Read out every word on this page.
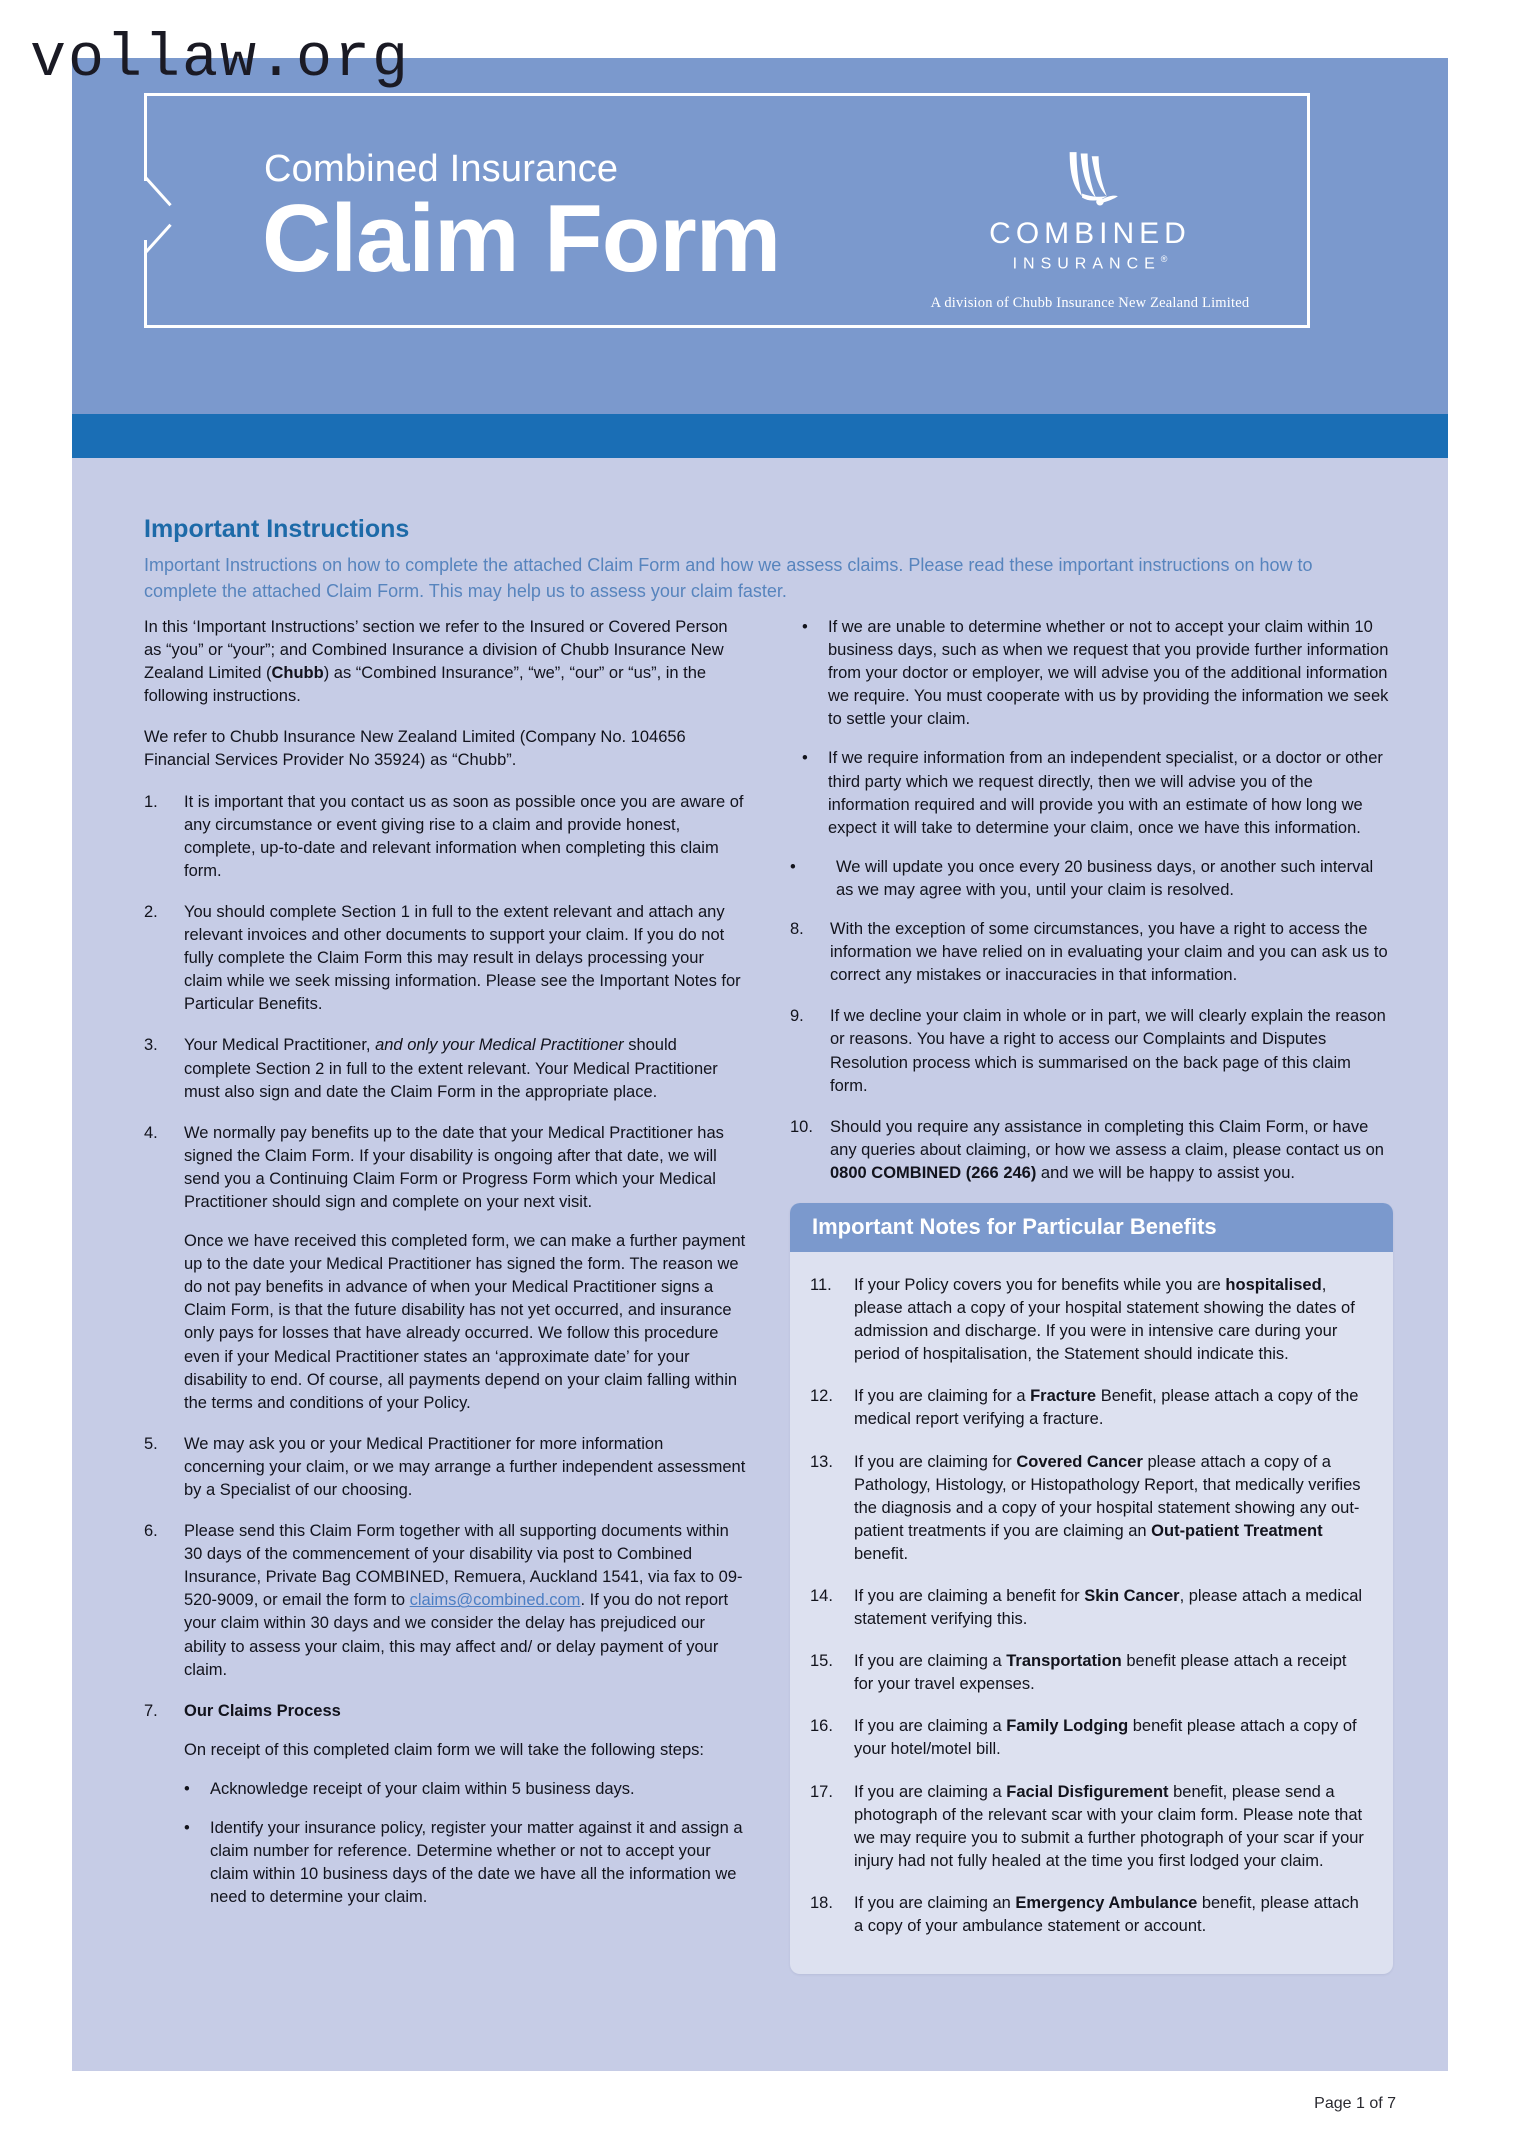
vollaw.org
Combined Insurance
Claim Form	COMBINED
INSURANCE®
A division of Chubb Insurance New Zealand Limited
Important Instructions
Important Instructions on how to complete the attached Claim Form and how we assess claims. Please read these important instructions on how to complete the attached Claim Form. This may help us to assess your claim faster.
In this ‘Important Instructions’ section we refer to the Insured or Covered Person as “you” or “your”; and Combined Insurance a division of Chubb Insurance New Zealand Limited (Chubb) as “Combined Insurance”, “we”, “our” or “us”, in the following instructions.
We refer to Chubb Insurance New Zealand Limited (Company No. 104656 Financial Services Provider No 35924) as “Chubb”.
1.	It is important that you contact us as soon as possible once you are aware of any circumstance or event giving rise to a claim and provide honest, complete, up-to-date and relevant information when completing this claim form.

2.	You should complete Section 1 in full to the extent relevant and attach any relevant invoices and other documents to support your claim. If you do not fully complete the Claim Form this may result in delays processing your claim while we seek missing information. Please see the Important Notes for Particular Benefits.

3.	Your Medical Practitioner, and only your Medical Practitioner should complete Section 2 in full to the extent relevant. Your Medical Practitioner must also sign and date the Claim Form in the appropriate place.

4.	We normally pay benefits up to the date that your Medical Practitioner has signed the Claim Form. If your disability is ongoing after that date, we will send you a Continuing Claim Form or Progress Form which your Medical Practitioner should sign and complete on your next visit.

Once we have received this completed form, we can make a further payment up to the date your Medical Practitioner has signed the form. The reason we do not pay benefits in advance of when your Medical Practitioner signs a Claim Form, is that the future disability has not yet occurred, and insurance only pays for losses that have already occurred. We follow this procedure even if your Medical Practitioner states an ‘approximate date’ for your disability to end. Of course, all payments depend on your claim falling within the terms and conditions of your Policy.

5.	We may ask you or your Medical Practitioner for more information concerning your claim, or we may arrange a further independent assessment by a Specialist of our choosing.

6.	Please send this Claim Form together with all supporting documents within 30 days of the commencement of your disability via post to Combined Insurance, Private Bag COMBINED, Remuera, Auckland 1541, via fax to 09-520-9009, or email the form to claims@combined.com. If you do not report your claim within 30 days and we consider the delay has prejudiced our ability to assess your claim, this may affect and/ or delay payment of your claim.

7.	Our Claims Process

On receipt of this completed claim form we will take the following steps:

•	Acknowledge receipt of your claim within 5 business days.
•	Identify your insurance policy, register your matter against it and assign a claim number for reference. Determine whether or not to accept your claim within 10 business days of the date we have all the information we need to determine your claim.
•	If we are unable to determine whether or not to accept your claim within 10 business days, such as when we request that you provide further information from your doctor or employer, we will advise you of the additional information we require. You must cooperate with us by providing the information we seek to settle your claim.
•	If we require information from an independent specialist, or a doctor or other third party which we request directly, then we will advise you of the information required and will provide you with an estimate of how long we expect it will take to determine your claim, once we have this information.
•	We will update you once every 20 business days, or another such interval as we may agree with you, until your claim is resolved.
8.	With the exception of some circumstances, you have a right to access the information we have relied on in evaluating your claim and you can ask us to correct any mistakes or inaccuracies in that information.
9.	If we decline your claim in whole or in part, we will clearly explain the reason or reasons. You have a right to access our Complaints and Disputes Resolution process which is summarised on the back page of this claim form.
10.	Should you require any assistance in completing this Claim Form, or have any queries about claiming, or how we assess a claim, please contact us on 0800 COMBINED (266 246) and we will be happy to assist you.
Important Notes for Particular Benefits
11.	If your Policy covers you for benefits while you are hospitalised, please attach a copy of your hospital statement showing the dates of admission and discharge. If you were in intensive care during your period of hospitalisation, the Statement should indicate this.
12.	If you are claiming for a Fracture Benefit, please attach a copy of the medical report verifying a fracture.
13.	If you are claiming for Covered Cancer please attach a copy of a Pathology, Histology, or Histopathology Report, that medically verifies the diagnosis and a copy of your hospital statement showing any out-patient treatments if you are claiming an Out-patient Treatment benefit.
14.	If you are claiming a benefit for Skin Cancer, please attach a medical statement verifying this.
15.	If you are claiming a Transportation benefit please attach a receipt for your travel expenses.
16.	If you are claiming a Family Lodging benefit please attach a copy of your hotel/motel bill.
17.	If you are claiming a Facial Disfigurement benefit, please send a photograph of the relevant scar with your claim form. Please note that we may require you to submit a further photograph of your scar if your injury had not fully healed at the time you first lodged your claim.
18.	If you are claiming an Emergency Ambulance benefit, please attach a copy of your ambulance statement or account.
Page 1 of 7
